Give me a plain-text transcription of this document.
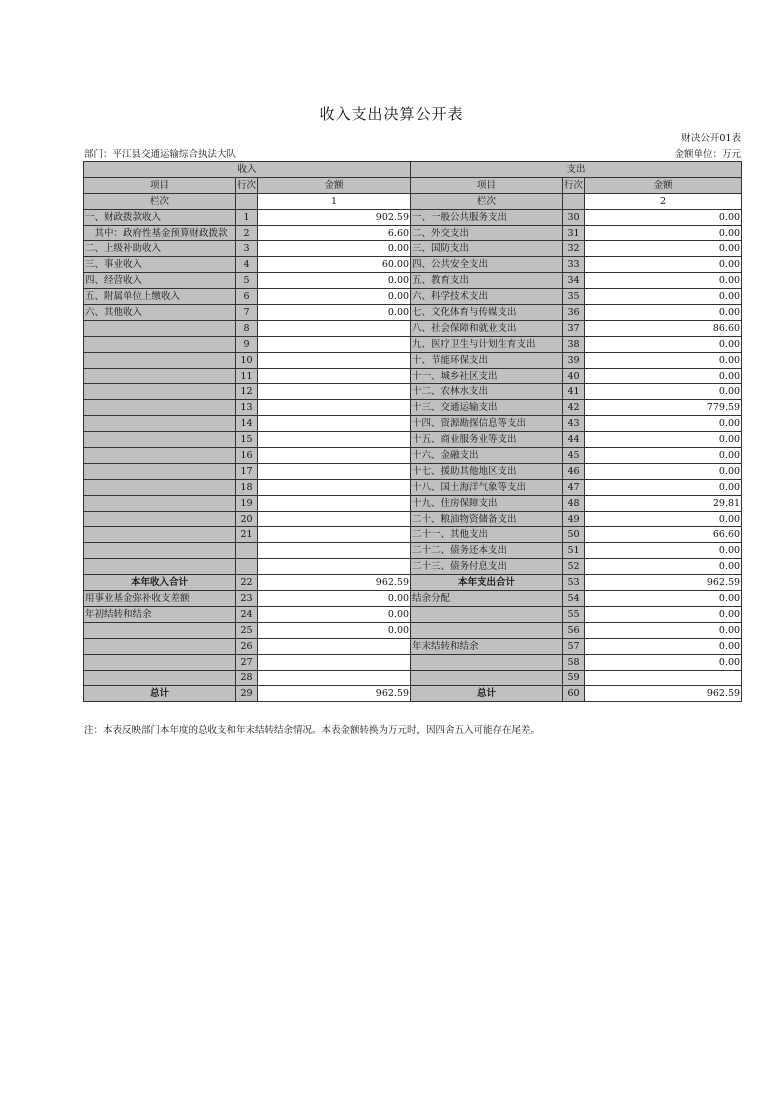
收入支出决算公开表
财决公开01表
部门：平江县交通运输综合执法大队	金额单位：万元
收入			支出		
项目	行次	金额	项目	行次	金额
栏次		1	栏次		2
一、财政拨款收入	1	902.59	一、一般公共服务支出	30	0.00
　其中：政府性基金预算财政拨款	2	6.60	二、外交支出	31	0.00
二、上级补助收入	3	0.00	三、国防支出	32	0.00
三、事业收入	4	60.00	四、公共安全支出	33	0.00
四、经营收入	5	0.00	五、教育支出	34	0.00
五、附属单位上缴收入	6	0.00	六、科学技术支出	35	0.00
六、其他收入	7	0.00	七、文化体育与传媒支出	36	0.00
	8		八、社会保障和就业支出	37	86.60
	9		九、医疗卫生与计划生育支出	38	0.00
	10		十、节能环保支出	39	0.00
	11		十一、城乡社区支出	40	0.00
	12		十二、农林水支出	41	0.00
	13		十三、交通运输支出	42	779.59
	14		十四、资源勘探信息等支出	43	0.00
	15		十五、商业服务业等支出	44	0.00
	16		十六、金融支出	45	0.00
	17		十七、援助其他地区支出	46	0.00
	18		十八、国土海洋气象等支出	47	0.00
	19		十九、住房保障支出	48	29.81
	20		二十、粮油物资储备支出	49	0.00
	21		二十一、其他支出	50	66.60
			二十二、债务还本支出	51	0.00
			二十三、债务付息支出	52	0.00
本年收入合计	22	962.59	本年支出合计	53	962.59
用事业基金弥补收支差额	23	0.00	结余分配	54	0.00
年初结转和结余	24	0.00		55	0.00
	25	0.00		56	0.00
	26		年末结转和结余	57	0.00
	27			58	0.00
	28			59	
总计	29	962.59	总计	60	962.59
注：本表反映部门本年度的总收支和年末结转结余情况。本表金额转换为万元时，因四舍五入可能存在尾差。
